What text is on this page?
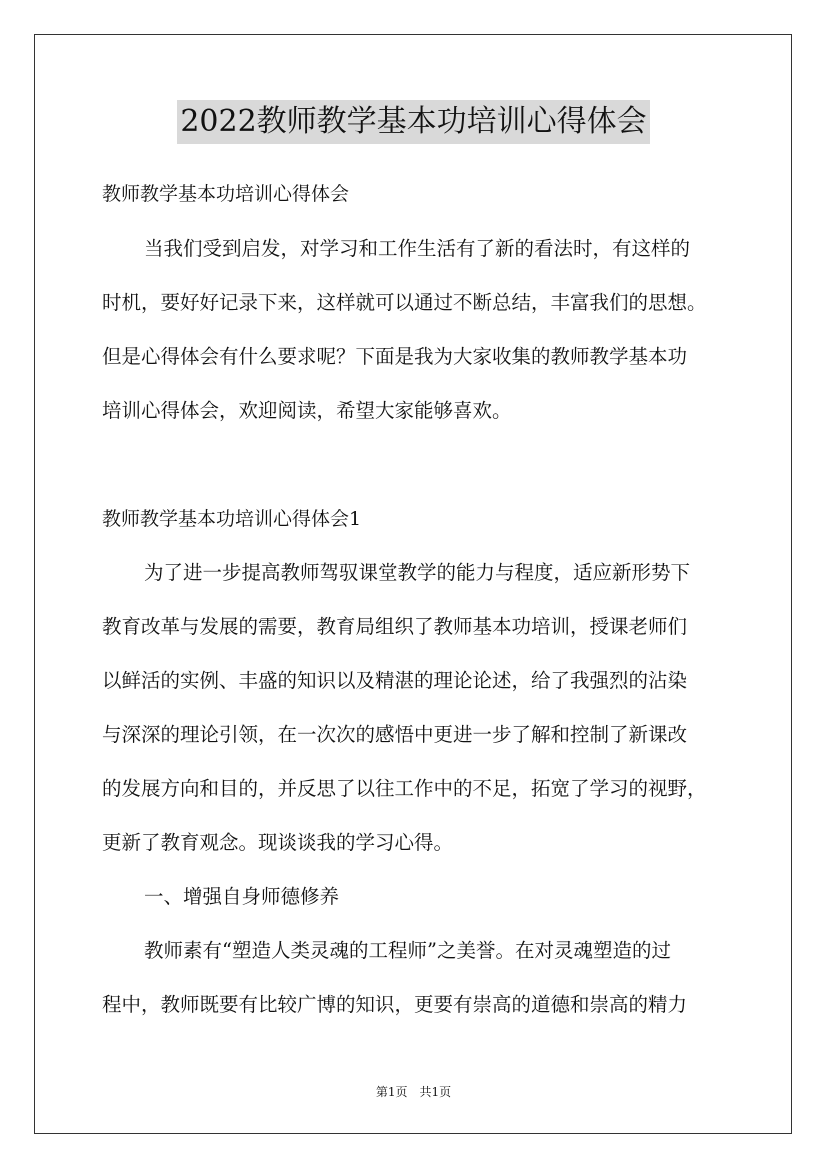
2022教师教学基本功培训心得体会
教师教学基本功培训心得体会
当我们受到启发，对学习和工作生活有了新的看法时，有这样的
时机，要好好记录下来，这样就可以通过不断总结，丰富我们的思想。
但是心得体会有什么要求呢？下面是我为大家收集的教师教学基本功
培训心得体会，欢迎阅读，希望大家能够喜欢。
教师教学基本功培训心得体会1
为了进一步提高教师驾驭课堂教学的能力与程度，适应新形势下
教育改革与发展的需要，教育局组织了教师基本功培训，授课老师们
以鲜活的实例、丰盛的知识以及精湛的理论论述，给了我强烈的沾染
与深深的理论引领，在一次次的感悟中更进一步了解和控制了新课改
的发展方向和目的，并反思了以往工作中的不足，拓宽了学习的视野，
更新了教育观念。现谈谈我的学习心得。
一、增强自身师德修养
教师素有“塑造人类灵魂的工程师”之美誉。在对灵魂塑造的过
程中，教师既要有比较广博的知识，更要有崇高的道德和崇高的精力
第1页　共1页
